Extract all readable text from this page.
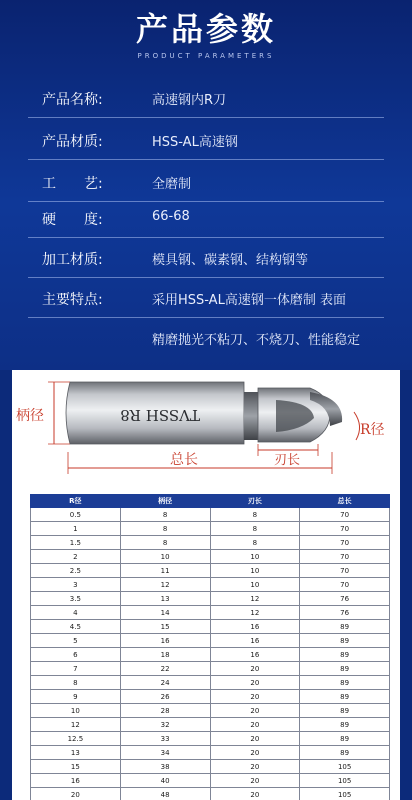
产品参数
PRODUCT PARAMETERS
产品名称:	高速钢内R刀
产品材质:	HSS-AL高速钢
工　　艺:	全磨制
硬　　度:	66-68
加工材质:	模具钢、碳素钢、结构钢等
主要特点:	采用HSS-AL高速钢一体磨制 表面
精磨抛光不粘刀、不烧刀、性能稳定
TVSSH R8
柄径
总长	刃长
R径
R径	柄径	刃长	总长
0.5	8	8	70
1	8	8	70
1.5	8	8	70
2	10	10	70
2.5	11	10	70
3	12	10	70
3.5	13	12	76
4	14	12	76
4.5	15	16	89
5	16	16	89
6	18	16	89
7	22	20	89
8	24	20	89
9	26	20	89
10	28	20	89
12	32	20	89
12.5	33	20	89
13	34	20	89
15	38	20	105
16	40	20	105
20	48	20	105
